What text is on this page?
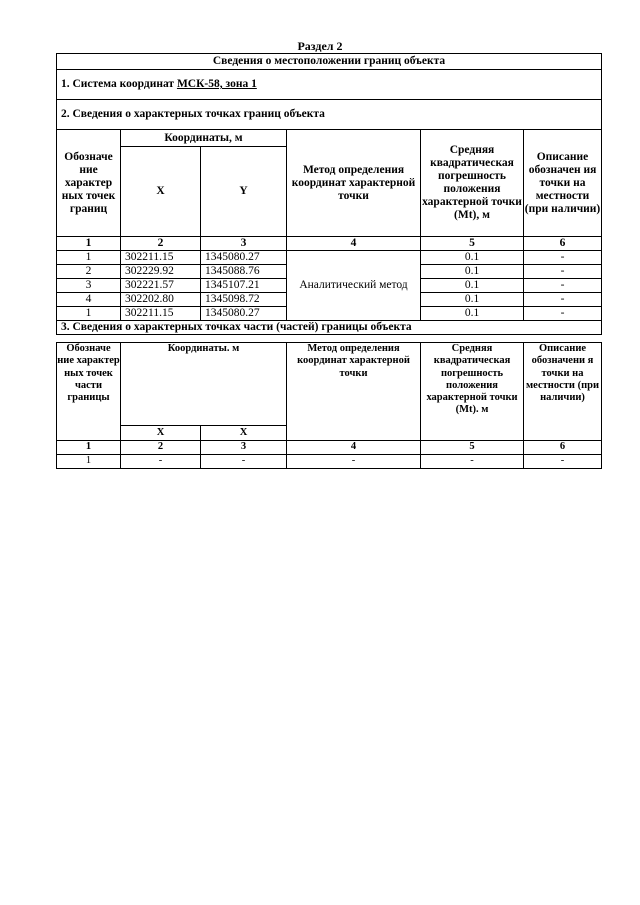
Раздел 2
Сведения о местоположении границ объекта					
1. Система координат МСК-58, зона 1					
2. Сведения о характерных точках границ объекта					
Обозначе ние характер ных точек границ	Координаты, м		Метод определения координат характерной точки	Средняя квадратическая погрешность положения характерной точки (Mt), м	Описание обозначен ия точки на местности (при наличии)
	X	Y			
1	2	3	4	5	6
1	302211.15	1345080.27	Аналитический метод	0.1	-
2	302229.92	1345088.76		0.1	-
3	302221.57	1345107.21		0.1	-
4	302202.80	1345098.72		0.1	-
1	302211.15	1345080.27		0.1	-
3. Сведения о характерных точках части (частей) границы объекта					
Обозначе ние характер ных точек части границы	Координаты. м		Метод определения координат характерной точки	Средняя квадратическая погрешность положения характерной точки (Mt). м	Описание обозначени я точки на местности (при наличии)
	X	X			
1	2	3	4	5	6
1	-	-	-	-	-
